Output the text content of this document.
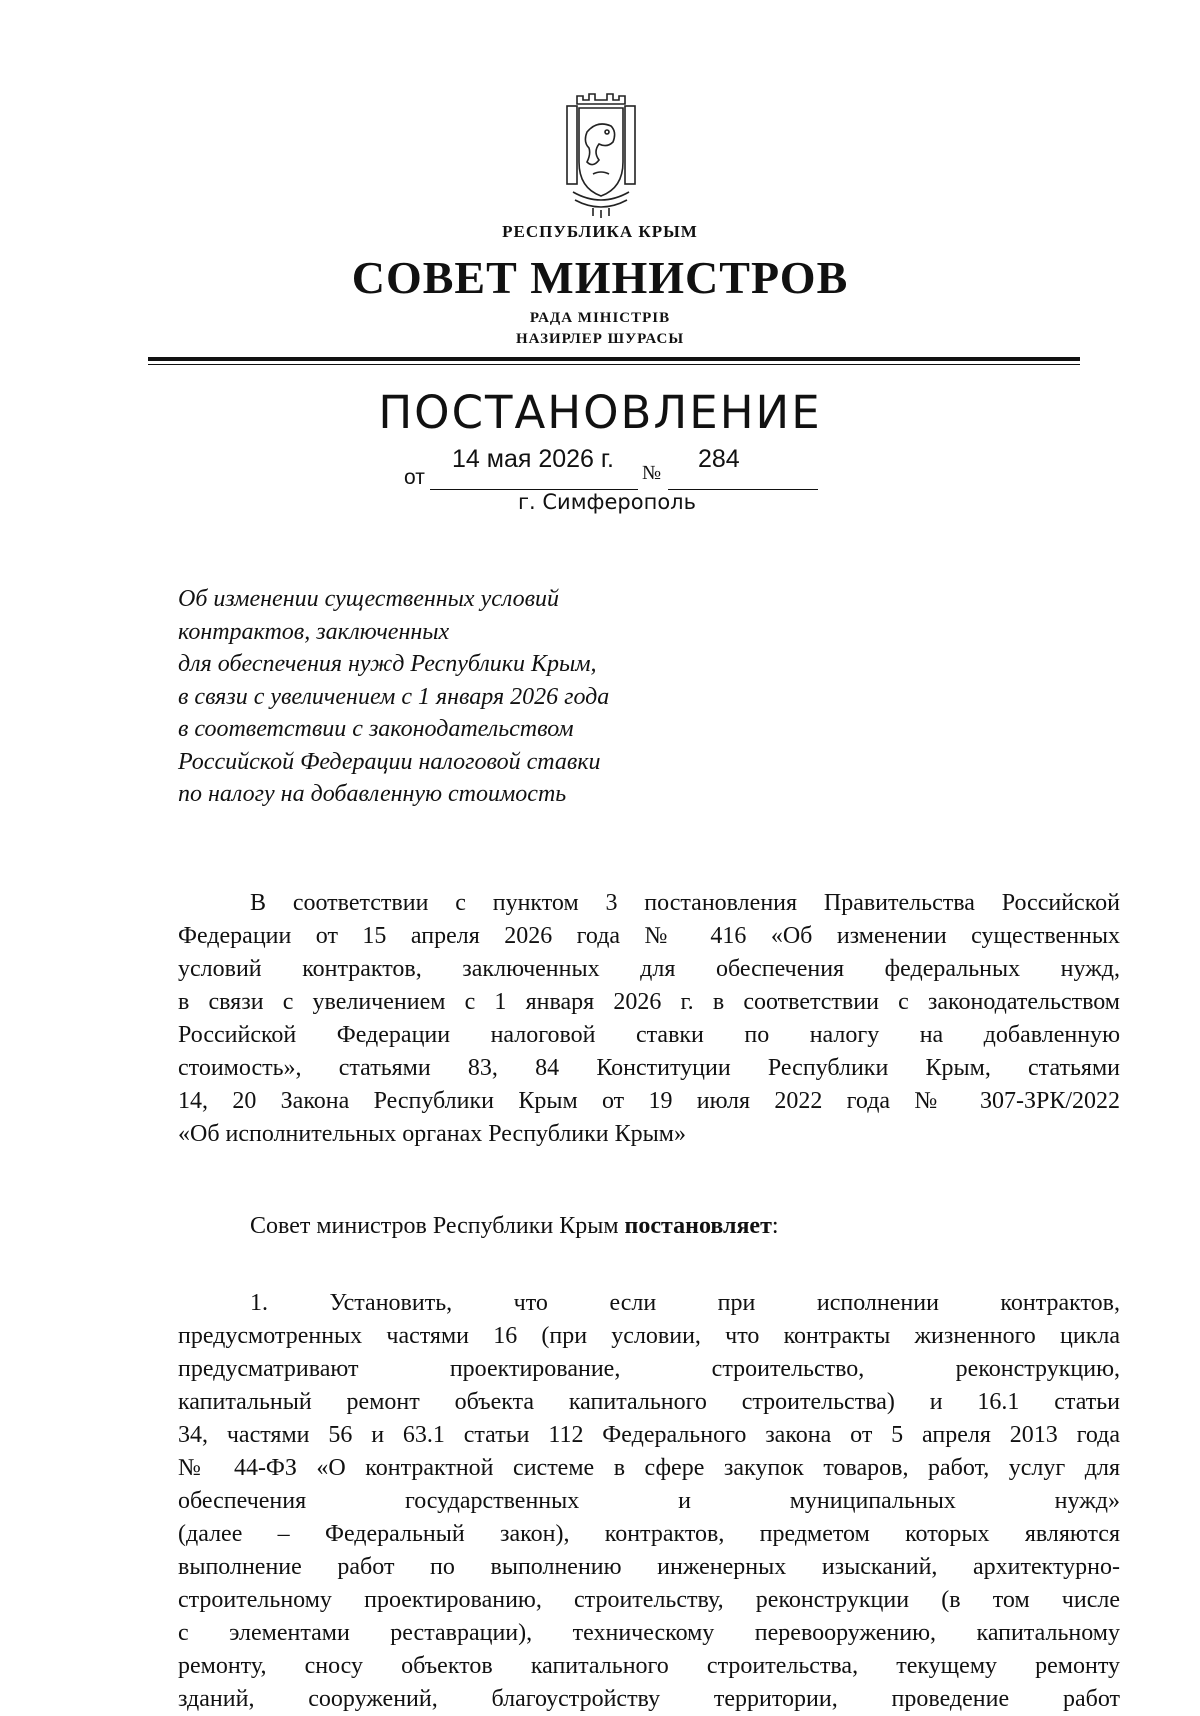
РЕСПУБЛИКА КРЫМ
СОВЕТ МИНИСТРОВ
РАДА МІНІСТРІВ
НАЗИРЛЕР ШУРАСЫ
ПОСТАНОВЛЕНИЕ
от
14 мая 2026 г. № 284
г. Симферополь
Об изменении существенных условий
контрактов, заключенных
для обеспечения нужд Республики Крым,
в связи с увеличением с 1 января 2026 года
в соответствии с законодательством
Российской Федерации налоговой ставки
по налогу на добавленную стоимость
В соответствии с пунктом 3 постановления Правительства Российской
Федерации от 15 апреля 2026 года № 416 «Об изменении существенных
условий контрактов, заключенных для обеспечения федеральных нужд,
в связи с увеличением с 1 января 2026 г. в соответствии с законодательством
Российской Федерации налоговой ставки по налогу на добавленную
стоимость», статьями 83, 84 Конституции Республики Крым, статьями
14, 20 Закона Республики Крым от 19 июля 2022 года № 307-ЗРК/2022
«Об исполнительных органах Республики Крым»
Совет министров Республики Крым постановляет:
1. Установить, что если при исполнении контрактов,
предусмотренных частями 16 (при условии, что контракты жизненного цикла
предусматривают проектирование, строительство, реконструкцию,
капитальный ремонт объекта капитального строительства) и 16.1 статьи
34, частями 56 и 63.1 статьи 112 Федерального закона от 5 апреля 2013 года
№ 44-ФЗ «О контрактной системе в сфере закупок товаров, работ, услуг для
обеспечения государственных и муниципальных нужд»
(далее – Федеральный закон), контрактов, предметом которых являются
выполнение работ по выполнению инженерных изысканий, архитектурно-
строительному проектированию, строительству, реконструкции (в том числе
с элементами реставрации), техническому перевооружению, капитальному
ремонту, сносу объектов капитального строительства, текущему ремонту
зданий, сооружений, благоустройству территории, проведение работ
